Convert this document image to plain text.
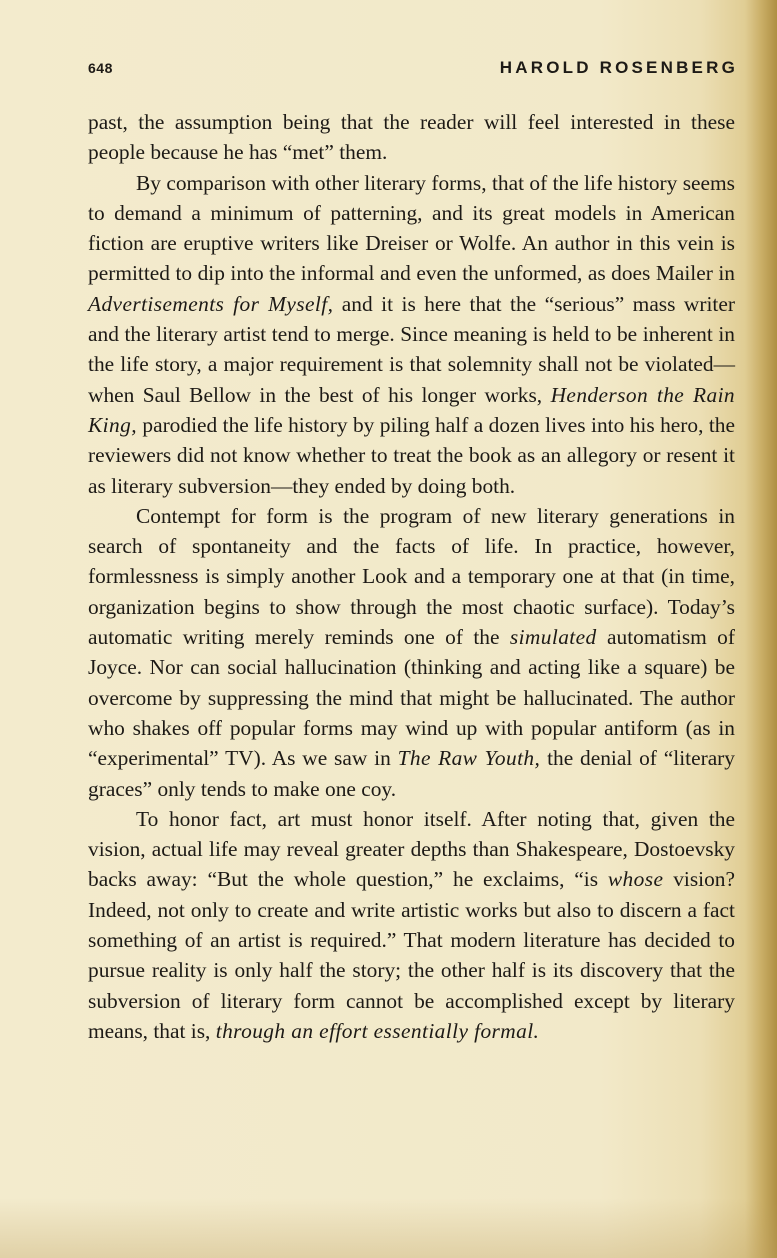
648	HAROLD ROSENBERG

past, the assumption being that the reader will feel interested in these people because he has “met” them.

By comparison with other literary forms, that of the life history seems to demand a minimum of patterning, and its great models in American fiction are eruptive writers like Dreiser or Wolfe. An author in this vein is permitted to dip into the informal and even the unformed, as does Mailer in Advertisements for Myself, and it is here that the “serious” mass writer and the literary artist tend to merge. Since meaning is held to be inherent in the life story, a major requirement is that solemnity shall not be violated—when Saul Bellow in the best of his longer works, Henderson the Rain King, parodied the life history by piling half a dozen lives into his hero, the reviewers did not know whether to treat the book as an allegory or resent it as literary subversion—they ended by doing both.

Contempt for form is the program of new literary generations in search of spontaneity and the facts of life. In practice, however, formlessness is simply another Look and a temporary one at that (in time, organization begins to show through the most chaotic surface). Today’s automatic writing merely reminds one of the simulated automatism of Joyce. Nor can social hallucination (thinking and acting like a square) be overcome by suppressing the mind that might be hallucinated. The author who shakes off popular forms may wind up with popular antiform (as in “experimental” TV). As we saw in The Raw Youth, the denial of “literary graces” only tends to make one coy.

To honor fact, art must honor itself. After noting that, given the vision, actual life may reveal greater depths than Shakespeare, Dostoevsky backs away: “But the whole question,” he exclaims, “is whose vision? Indeed, not only to create and write artistic works but also to discern a fact something of an artist is required.” That modern literature has decided to pursue reality is only half the story; the other half is its discovery that the subversion of literary form cannot be accomplished except by literary means, that is, through an effort essentially formal.
